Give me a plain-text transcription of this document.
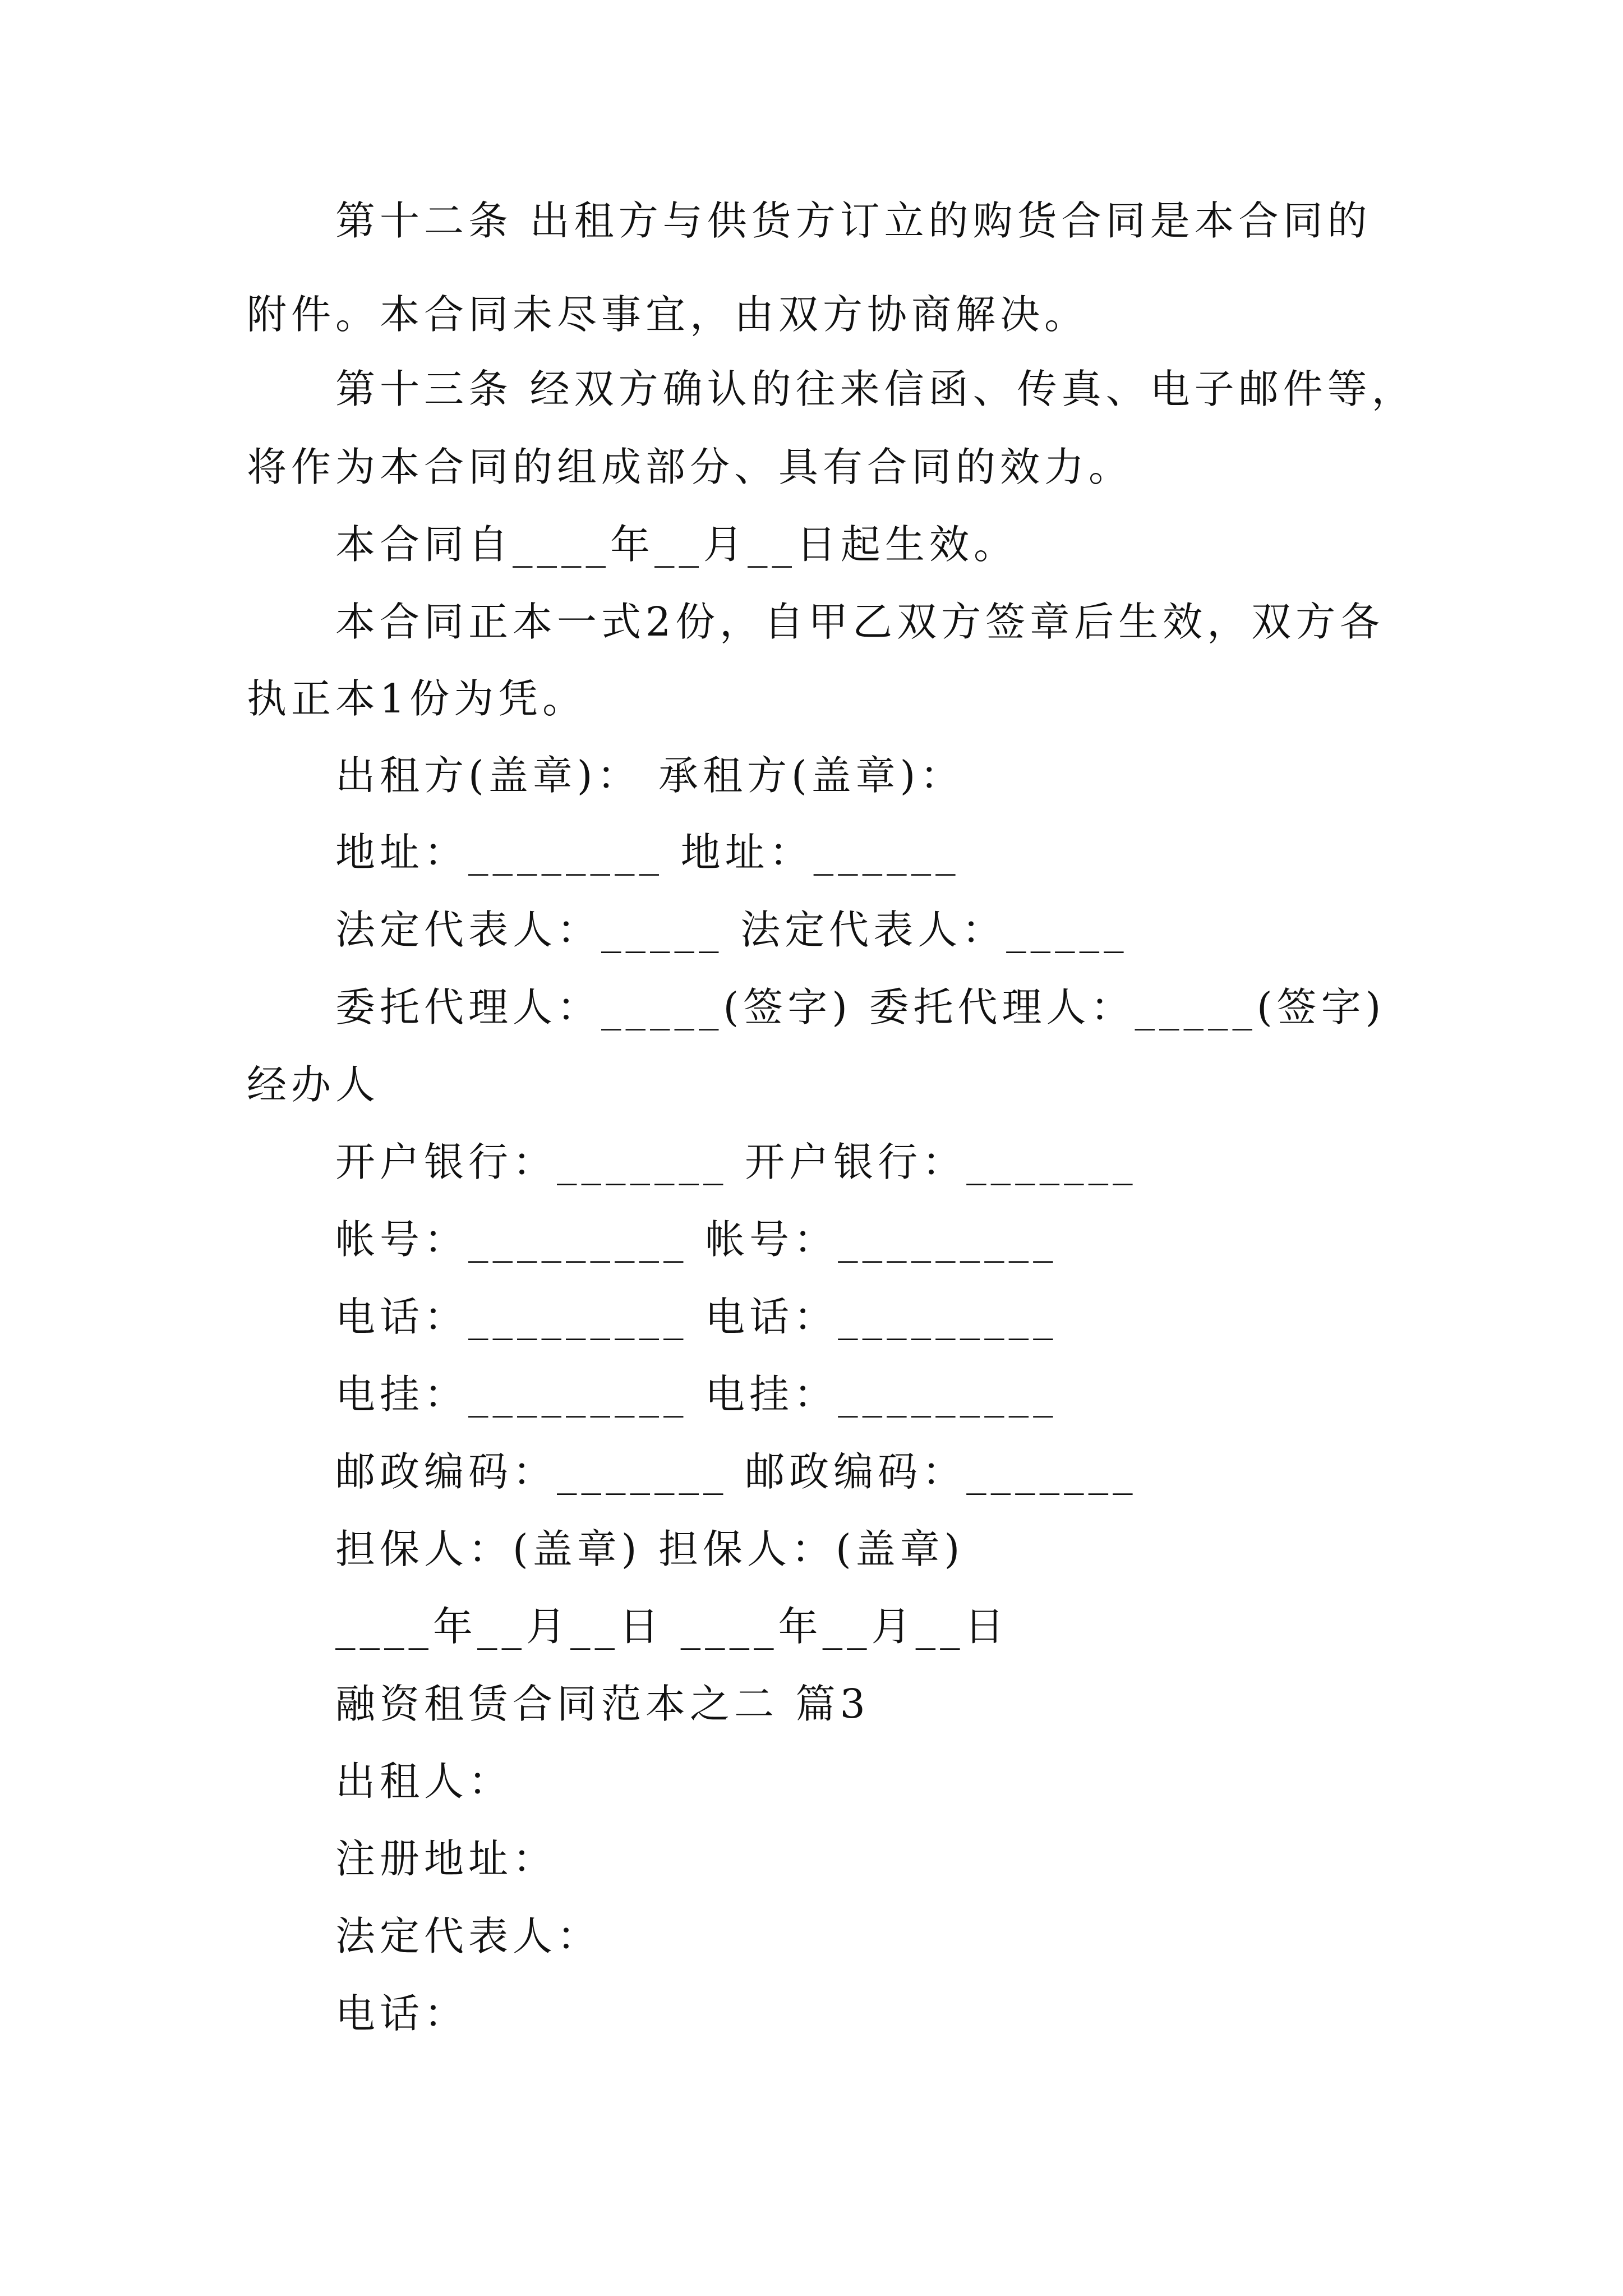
第十二条 出租方与供货方订立的购货合同是本合同的

附件。本合同未尽事宜，由双方协商解决。

第十三条 经双方确认的往来信函、传真、电子邮件等，

将作为本合同的组成部分、具有合同的效力。

本合同自____年__月__日起生效。

本合同正本一式2份，自甲乙双方签章后生效，双方各

执正本1份为凭。

出租方(盖章)： 承租方(盖章)：

地址：________ 地址：______

法定代表人：_____ 法定代表人：_____

委托代理人：_____(签字) 委托代理人：_____(签字)

经办人

开户银行：_______ 开户银行：_______

帐号：_________ 帐号：_________

电话：_________ 电话：_________

电挂：_________ 电挂：_________

邮政编码：_______ 邮政编码：_______

担保人：(盖章) 担保人：(盖章)

____年__月__日 ____年__月__日

融资租赁合同范本之二 篇3

出租人：

注册地址：

法定代表人：

电话：
